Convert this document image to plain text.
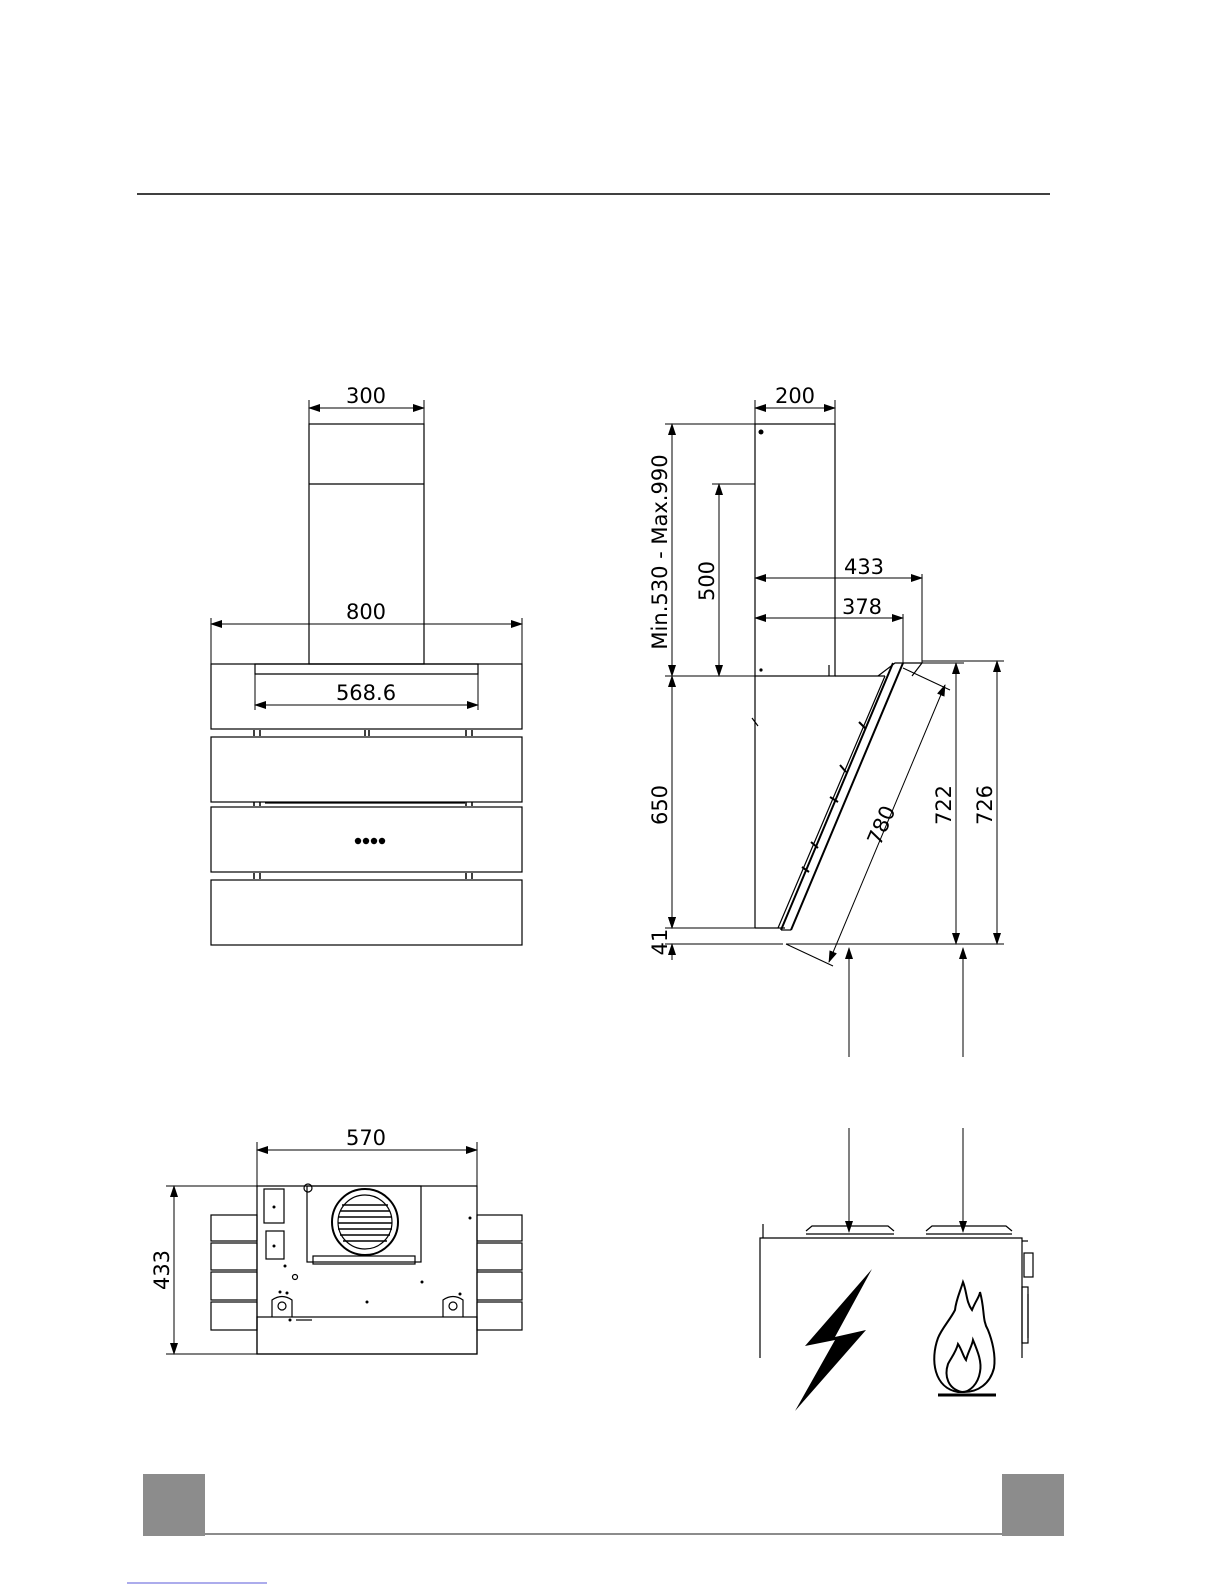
300
800
568.6
200
Min.530 - Max.990 500	433
378
650
41
780 722 726
570
433
